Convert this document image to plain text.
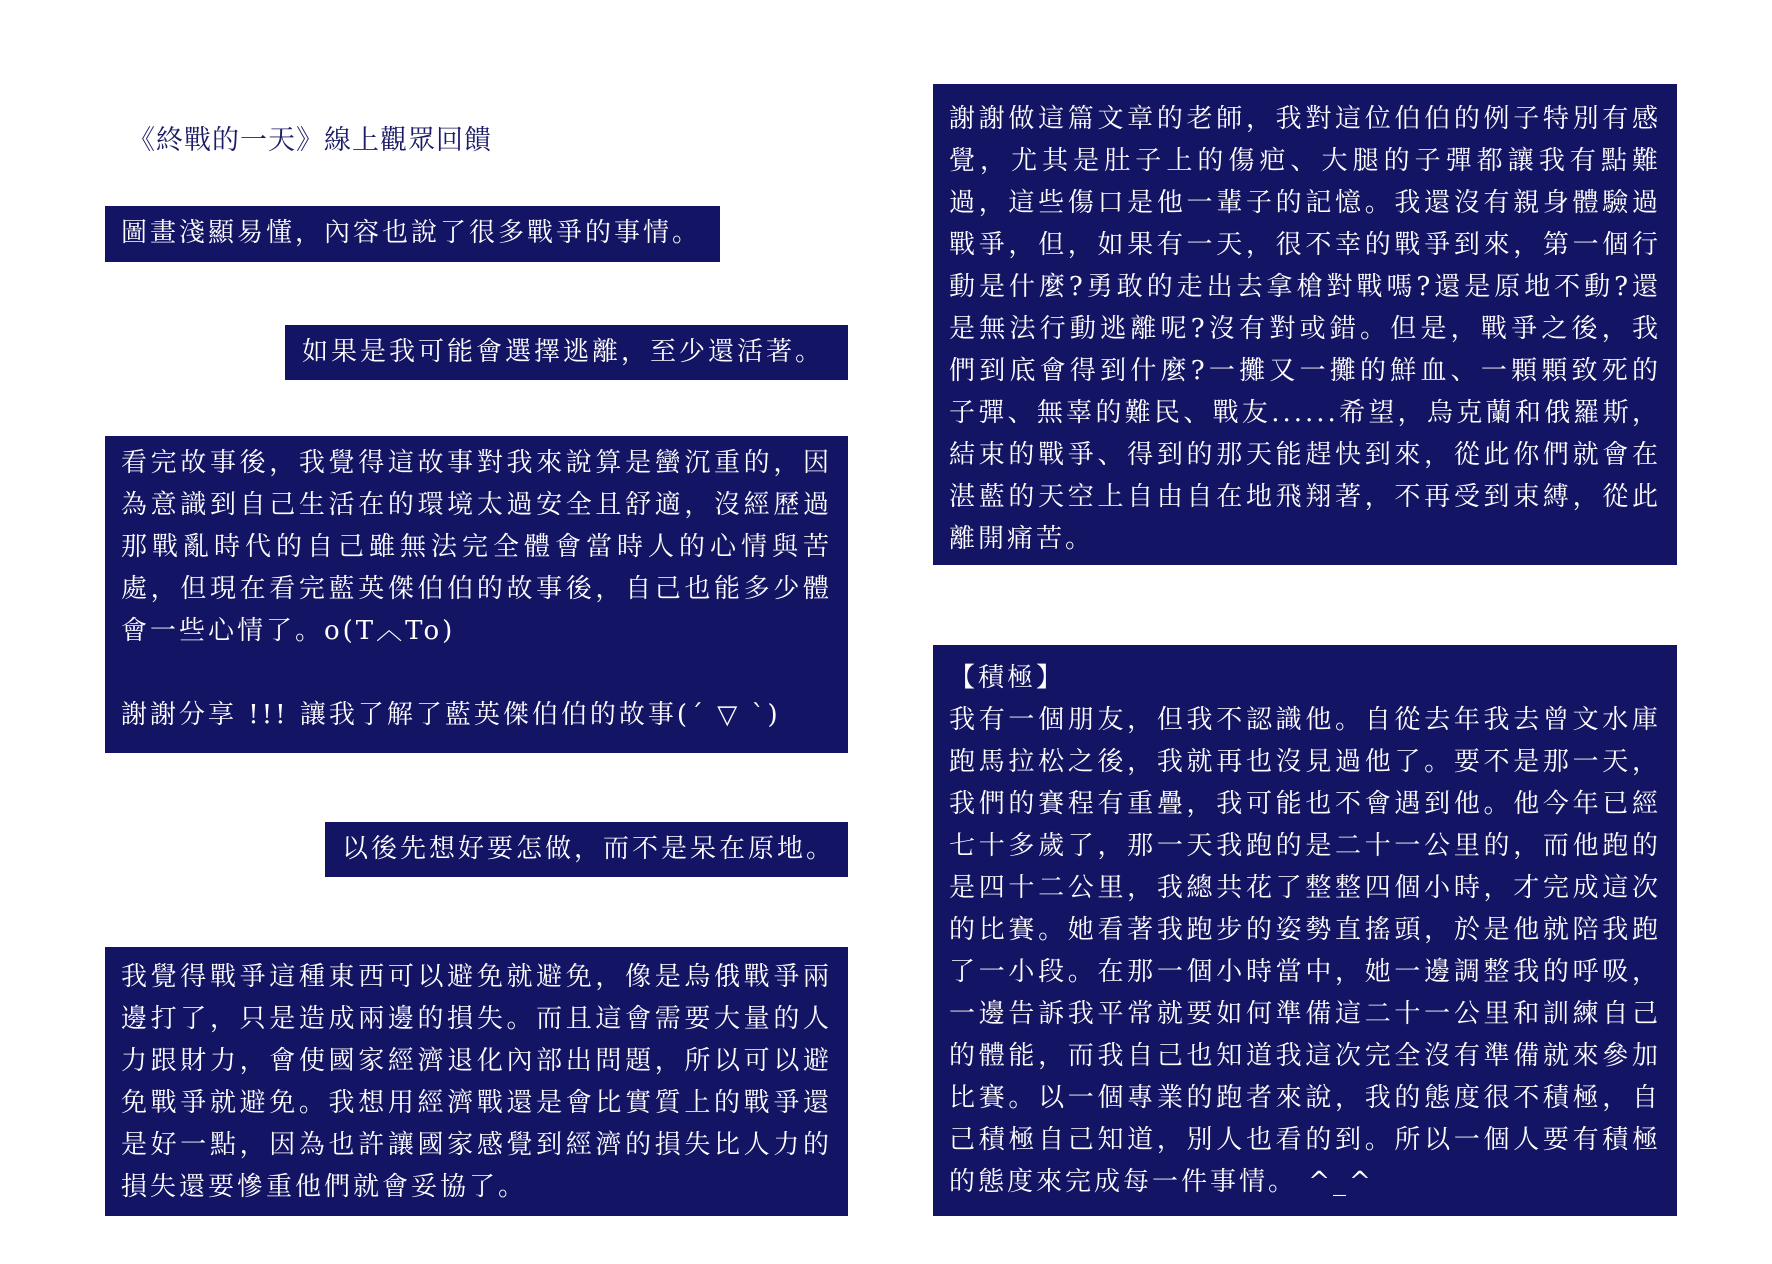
《終戰的一天》線上觀眾回饋

圖畫淺顯易懂，內容也說了很多戰爭的事情。

如果是我可能會選擇逃離，至少還活著。

看完故事後，我覺得這故事對我來說算是蠻沉重的，因為意識到自己生活在的環境太過安全且舒適，沒經歷過那戰亂時代的自己雖無法完全體會當時人的心情與苦處，但現在看完藍英傑伯伯的故事後，自己也能多少體會一些心情了。o(T︿To)

謝謝分享 !!! 讓我了解了藍英傑伯伯的故事(ˊ ▽ ˋ)

以後先想好要怎做，而不是呆在原地。

我覺得戰爭這種東西可以避免就避免，像是烏俄戰爭兩邊打了，只是造成兩邊的損失。而且這會需要大量的人力跟財力，會使國家經濟退化內部出問題，所以可以避免戰爭就避免。我想用經濟戰還是會比實質上的戰爭還是好一點，因為也許讓國家感覺到經濟的損失比人力的損失還要慘重他們就會妥協了。

謝謝做這篇文章的老師，我對這位伯伯的例子特別有感覺，尤其是肚子上的傷疤、大腿的子彈都讓我有點難過，這些傷口是他一輩子的記憶。我還沒有親身體驗過戰爭，但，如果有一天，很不幸的戰爭到來，第一個行動是什麼?勇敢的走出去拿槍對戰嗎?還是原地不動?還是無法行動逃離呢?沒有對或錯。但是，戰爭之後，我們到底會得到什麼?一攤又一攤的鮮血、一顆顆致死的子彈、無辜的難民、戰友......希望，烏克蘭和俄羅斯，結束的戰爭、得到的那天能趕快到來，從此你們就會在湛藍的天空上自由自在地飛翔著，不再受到束縛，從此離開痛苦。

【積極】

我有一個朋友，但我不認識他。自從去年我去曾文水庫跑馬拉松之後，我就再也沒見過他了。要不是那一天，我們的賽程有重疊，我可能也不會遇到他。他今年已經七十多歲了，那一天我跑的是二十一公里的，而他跑的是四十二公里，我總共花了整整四個小時，才完成這次的比賽。她看著我跑步的姿勢直搖頭，於是他就陪我跑了一小段。在那一個小時當中，她一邊調整我的呼吸，一邊告訴我平常就要如何準備這二十一公里和訓練自己的體能，而我自己也知道我這次完全沒有準備就來參加比賽。以一個專業的跑者來說，我的態度很不積極，自己積極自己知道，別人也看的到。所以一個人要有積極的態度來完成每一件事情。 ^_^
